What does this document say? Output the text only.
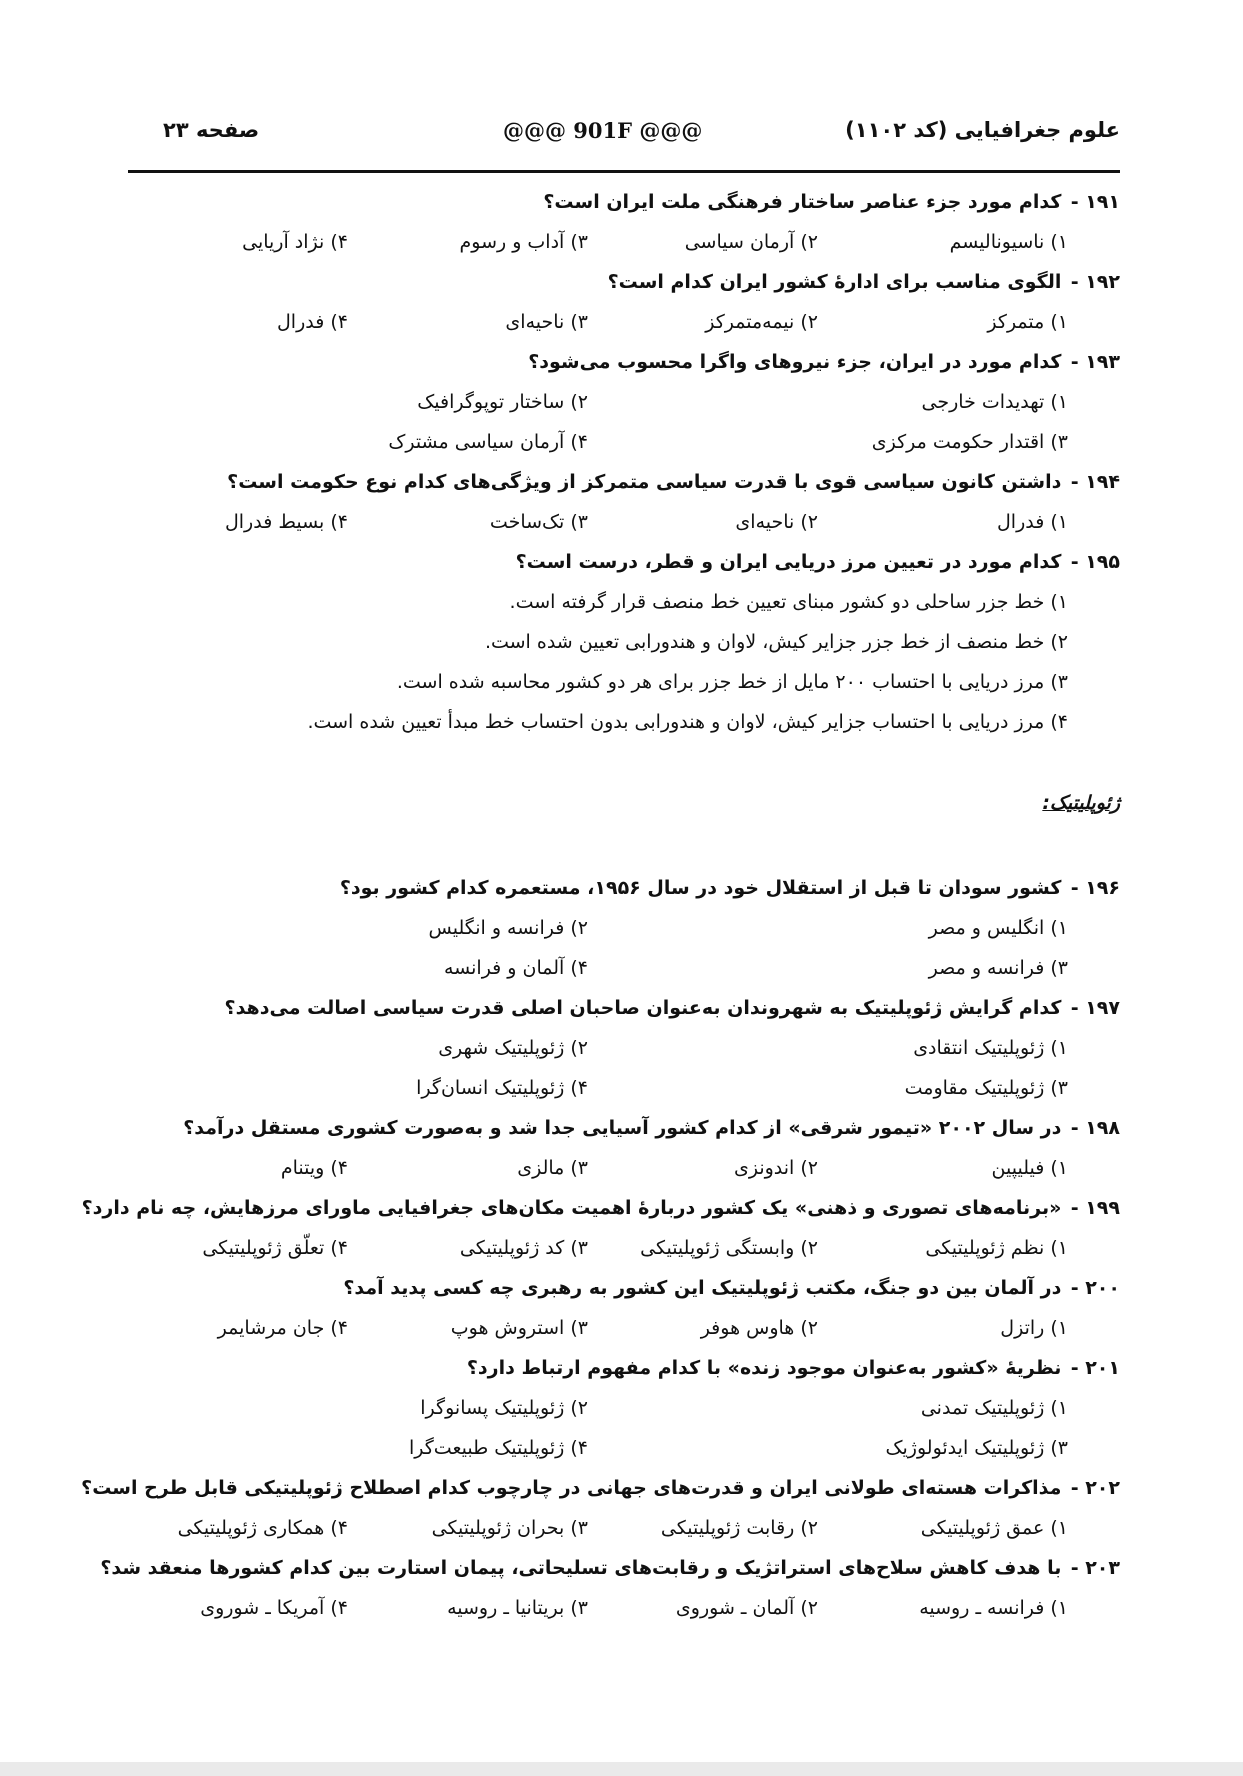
علوم جغرافیایی (کد ۱۱۰۲)
@@@ 901F @@@
صفحه ۲۳
۱۹۱ - کدام مورد جزء عناصر ساختار فرهنگی ملت ایران است؟
۱) ناسیونالیسم
۲) آرمان سیاسی
۳) آداب و رسوم
۴) نژاد آریایی
۱۹۲ - الگوی مناسب برای ادارهٔ کشور ایران کدام است؟
۱) متمرکز
۲) نیمه‌متمرکز
۳) ناحیه‌ای
۴) فدرال
۱۹۳ - کدام مورد در ایران، جزء نیروهای واگرا محسوب می‌شود؟
۱) تهدیدات خارجی
۲) ساختار توپوگرافیک
۳) اقتدار حکومت مرکزی
۴) آرمان سیاسی مشترک
۱۹۴ - داشتن کانون سیاسی قوی با قدرت سیاسی متمرکز از ویژگی‌های کدام نوع حکومت است؟
۱) فدرال
۲) ناحیه‌ای
۳) تک‌ساخت
۴) بسیط فدرال
۱۹۵ - کدام مورد در تعیین مرز دریایی ایران و قطر، درست است؟
۱) خط جزر ساحلی دو کشور مبنای تعیین خط منصف قرار گرفته است.
۲) خط منصف از خط جزر جزایر کیش، لاوان و هندورابی تعیین شده است.
۳) مرز دریایی با احتساب ۲۰۰ مایل از خط جزر برای هر دو کشور محاسبه شده است.
۴) مرز دریایی با احتساب جزایر کیش، لاوان و هندورابی بدون احتساب خط مبدأ تعیین شده است.
ژئوپلیتیک:
۱۹۶ - کشور سودان تا قبل از استقلال خود در سال ۱۹۵۶، مستعمره کدام کشور بود؟
۱) انگلیس و مصر
۲) فرانسه و انگلیس
۳) فرانسه و مصر
۴) آلمان و فرانسه
۱۹۷ - کدام گرایش ژئوپلیتیک به شهروندان به‌عنوان صاحبان اصلی قدرت سیاسی اصالت می‌دهد؟
۱) ژئوپلیتیک انتقادی
۲) ژئوپلیتیک شهری
۳) ژئوپلیتیک مقاومت
۴) ژئوپلیتیک انسان‌گرا
۱۹۸ - در سال ۲۰۰۲ «تیمور شرقی» از کدام کشور آسیایی جدا شد و به‌صورت کشوری مستقل درآمد؟
۱) فیلیپین
۲) اندونزی
۳) مالزی
۴) ویتنام
۱۹۹ - «برنامه‌های تصوری و ذهنی» یک کشور دربارهٔ اهمیت مکان‌های جغرافیایی ماورای مرزهایش، چه نام دارد؟
۱) نظم ژئوپلیتیکی
۲) وابستگی ژئوپلیتیکی
۳) کد ژئوپلیتیکی
۴) تعلّق ژئوپلیتیکی
۲۰۰ - در آلمان بین دو جنگ، مکتب ژئوپلیتیک این کشور به رهبری چه کسی پدید آمد؟
۱) راتزل
۲) هاوس هوفر
۳) استروش هوپ
۴) جان مرشایمر
۲۰۱ - نظریهٔ «کشور به‌عنوان موجود زنده» با کدام مفهوم ارتباط دارد؟
۱) ژئوپلیتیک تمدنی
۲) ژئوپلیتیک پسانوگرا
۳) ژئوپلیتیک ایدئولوژیک
۴) ژئوپلیتیک طبیعت‌گرا
۲۰۲ - مذاکرات هسته‌ای طولانی ایران و قدرت‌های جهانی در چارچوب کدام اصطلاح ژئوپلیتیکی قابل طرح است؟
۱) عمق ژئوپلیتیکی
۲) رقابت ژئوپلیتیکی
۳) بحران ژئوپلیتیکی
۴) همکاری ژئوپلیتیکی
۲۰۳ - با هدف کاهش سلاح‌های استراتژیک و رقابت‌های تسلیحاتی، پیمان استارت بین کدام کشورها منعقد شد؟
۱) فرانسه ـ روسیه
۲) آلمان ـ شوروی
۳) بریتانیا ـ روسیه
۴) آمریکا ـ شوروی
